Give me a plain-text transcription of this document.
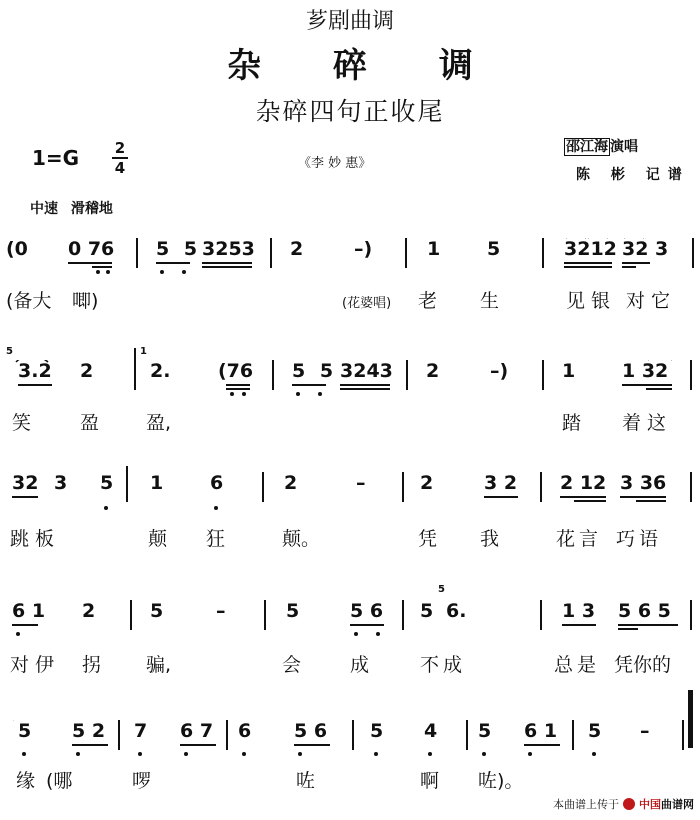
芗剧曲调
杂 碎 调
杂碎四句正收尾
1=G	2
4	《李 妙 惠》
邵江海 演唱
陈 彬 记谱
中速 滑稽地
(0 0 76 5 5 3253 2	–)	1 5	3212 32 3
(备大 唧)	(花婆唱) 老 生	见银 对它
5	1
3.2 2	2.	(76 5 5 3243 2	–)	1 1 32
笑	盈 盈,	踏 着这
32 3 5 1 6	2	–	2	3 2 2 12 3 36
跳板	颠 狂	颠。	凭 我	花言 巧语
6 1 2	5	–	5	5 6 5
5
6.	1 3 5 6 5
对伊 拐 骗,	会	成	不成	总是 凭你的
5 5 2 7 6 7 6 5 6 5 4 5 6 1 5 –
缘 (哪	啰	咗	啊 咗)。
本曲谱上传于 中国曲谱网
